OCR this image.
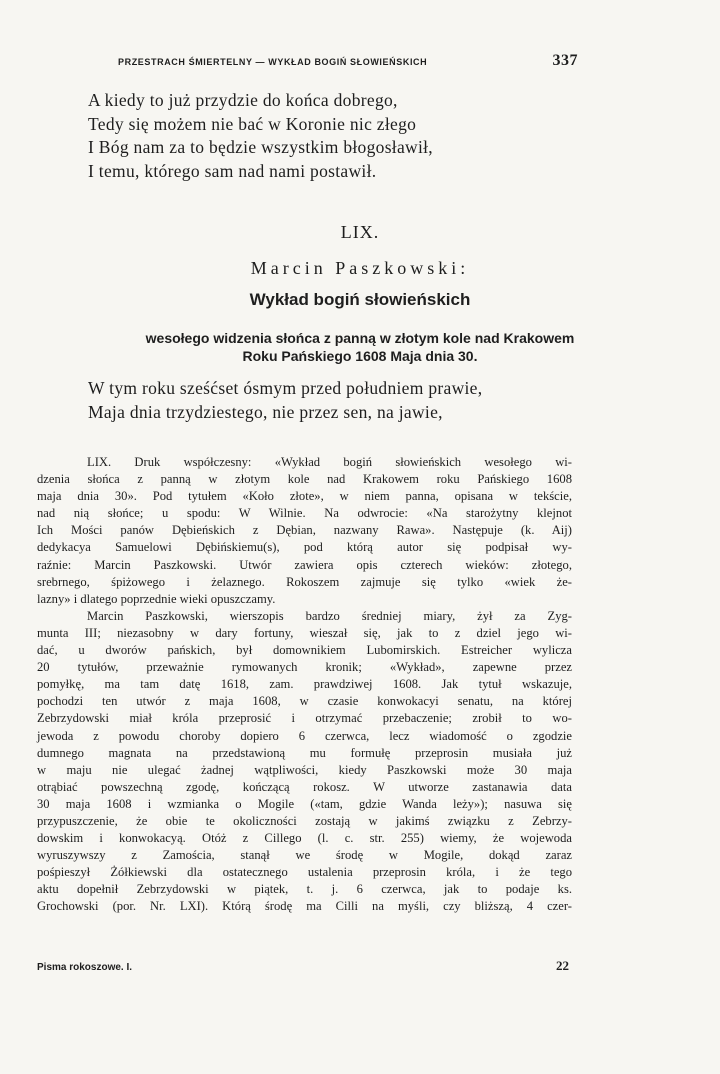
PRZESTRACH ŚMIERTELNY — WYKŁAD BOGIŃ SŁOWIEŃSKICH	337
A kiedy to już przydzie do końca dobrego,
Tedy się możem nie bać w Koronie nic złego
I Bóg nam za to będzie wszystkim błogosławił,
I temu, którego sam nad nami postawił.
LIX.
Marcin Paszkowski:
Wykład bogiń słowieńskich
wesołego widzenia słońca z panną w złotym kole nad Krakowem
Roku Pańskiego 1608 Maja dnia 30.
W tym roku sześćset ósmym przed południem prawie,
Maja dnia trzydziestego, nie przez sen, na jawie,
LIX. Druk współczesny: «Wykład bogiń słowieńskich wesołego wi-
dzenia słońca z panną w złotym kole nad Krakowem roku Pańskiego 1608
maja dnia 30». Pod tytułem «Koło złote», w niem panna, opisana w tekście,
nad nią słońce; u spodu: W Wilnie. Na odwrocie: «Na starożytny klejnot
Ich Mości panów Dębieńskich z Dębian, nazwany Rawa». Następuje (k. Aij)
dedykacya Samuelowi Dębińskiemu(s), pod którą autor się podpisał wy-
raźnie: Marcin Paszkowski. Utwór zawiera opis czterech wieków: złotego,
srebrnego, śpiżowego i żelaznego. Rokoszem zajmuje się tylko «wiek że-
lazny» i dlatego poprzednie wieki opuszczamy.
Marcin Paszkowski, wierszopis bardzo średniej miary, żył za Zyg-
munta III; niezasobny w dary fortuny, wieszał się, jak to z dziel jego wi-
dać, u dworów pańskich, był domownikiem Lubomirskich. Estreicher wylicza
20 tytułów, przeważnie rymowanych kronik; «Wykład», zapewne przez
pomyłkę, ma tam datę 1618, zam. prawdziwej 1608. Jak tytuł wskazuje,
pochodzi ten utwór z maja 1608, w czasie konwokacyi senatu, na której
Zebrzydowski miał króla przeprosić i otrzymać przebaczenie; zrobił to wo-
jewoda z powodu choroby dopiero 6 czerwca, lecz wiadomość o zgodzie
dumnego magnata na przedstawioną mu formułę przeprosin musiała już
w maju nie ulegać żadnej wątpliwości, kiedy Paszkowski może 30 maja
otrąbiać powszechną zgodę, kończącą rokosz. W utworze zastanawia data
30 maja 1608 i wzmianka o Mogile («tam, gdzie Wanda leży»); nasuwa się
przypuszczenie, że obie te okoliczności zostają w jakimś związku z Zebrzy-
dowskim i konwokacyą. Otóż z Cillego (l. c. str. 255) wiemy, że wojewoda
wyruszywszy z Zamościa, stanął we środę w Mogile, dokąd zaraz
pośpieszył Żółkiewski dla ostatecznego ustalenia przeprosin króla, i że tego
aktu dopełnił Zebrzydowski w piątek, t. j. 6 czerwca, jak to podaje ks.
Grochowski (por. Nr. LXI). Którą środę ma Cilli na myśli, czy bliższą, 4 czer-
Pisma rokoszowe. I.	22
